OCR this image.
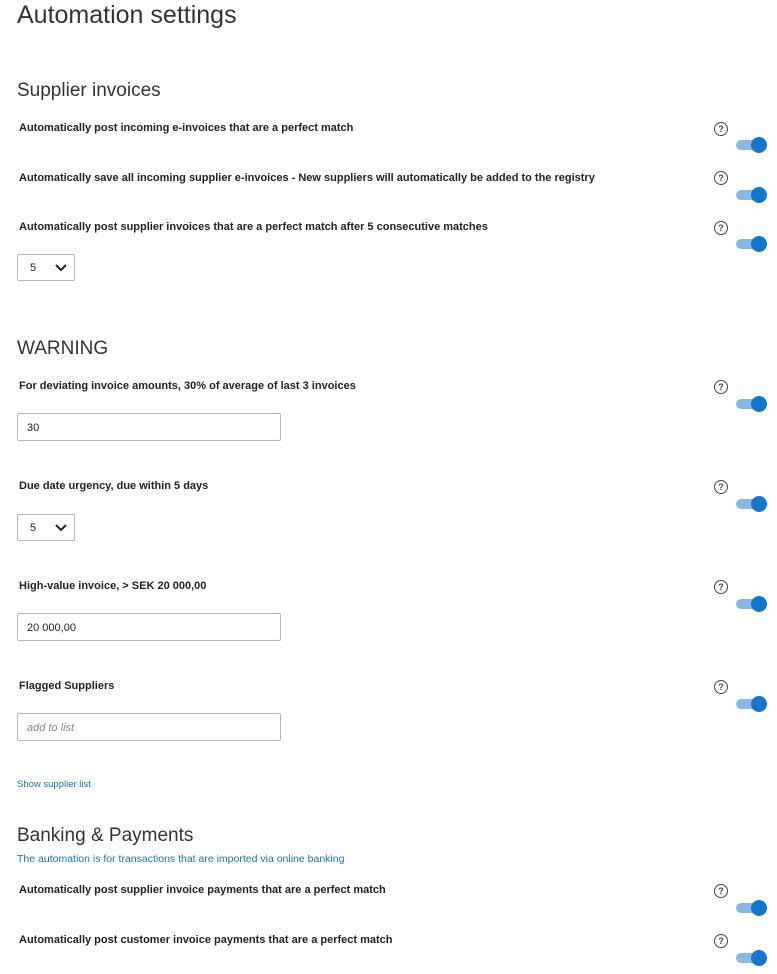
Automation settings
Supplier invoices
Automatically post incoming e-invoices that are a perfect match	?
Automatically save all incoming supplier e-invoices - New suppliers will automatically be added to the registry	?
Automatically post supplier invoices that are a perfect match after 5 consecutive matches	?
5
WARNING
For deviating invoice amounts, 30% of average of last 3 invoices	?
30
Due date urgency, due within 5 days	?
5
High-value invoice, > SEK 20 000,00	?
20 000,00
Flagged Suppliers	?
add to list
Show supplier list
Banking & Payments
The automation is for transactions that are imported via online banking
Automatically post supplier invoice payments that are a perfect match	?
Automatically post customer invoice payments that are a perfect match	?
